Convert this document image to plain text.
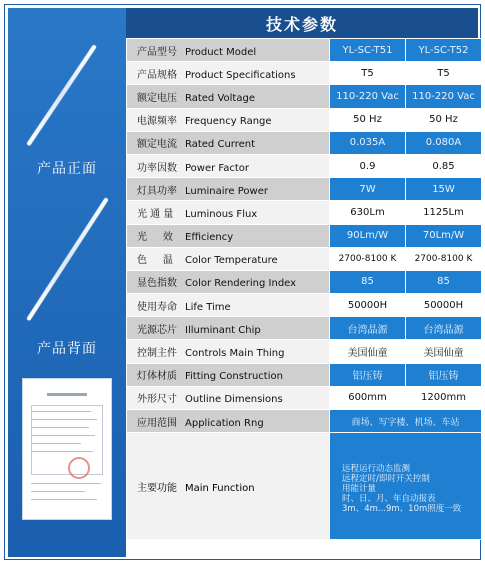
产品正面
产品背面
技术参数
产品型号 Product Model	YL-SC-T51	YL-SC-T52
产品规格 Product Specifications	T5	T5
额定电压 Rated Voltage	110-220 Vac	110-220 Vac
电源频率 Frequency Range	50 Hz	50 Hz
额定电流 Rated Current	0.035A	0.080A
功率因数 Power Factor	0.9	0.85
灯具功率 Luminaire Power	7W	15W
光 通 量 Luminous Flux	630Lm	1125Lm
光     效 Efficiency	90Lm/W	70Lm/W
色     温 Color Temperature	2700-8100 K	2700-8100 K
显色指数 Color Rendering Index	85	85
使用寿命 Life Time	50000H	50000H
光源芯片 Illuminant Chip	台湾晶源	台湾晶源
控制主件 Controls Main Thing	美国仙童	美国仙童
灯体材质 Fitting Construction	铝压铸	铝压铸
外形尺寸 Outline Dimensions	600mm	1200mm
应用范围 Application Rng	商场、写字楼、机场、车站	
主要功能 Main Function	远程运行动态监测
远程定时/即时开关控制
用能计量
时、日、月、年自动报表
3m、4m...9m、10m照度一致	
